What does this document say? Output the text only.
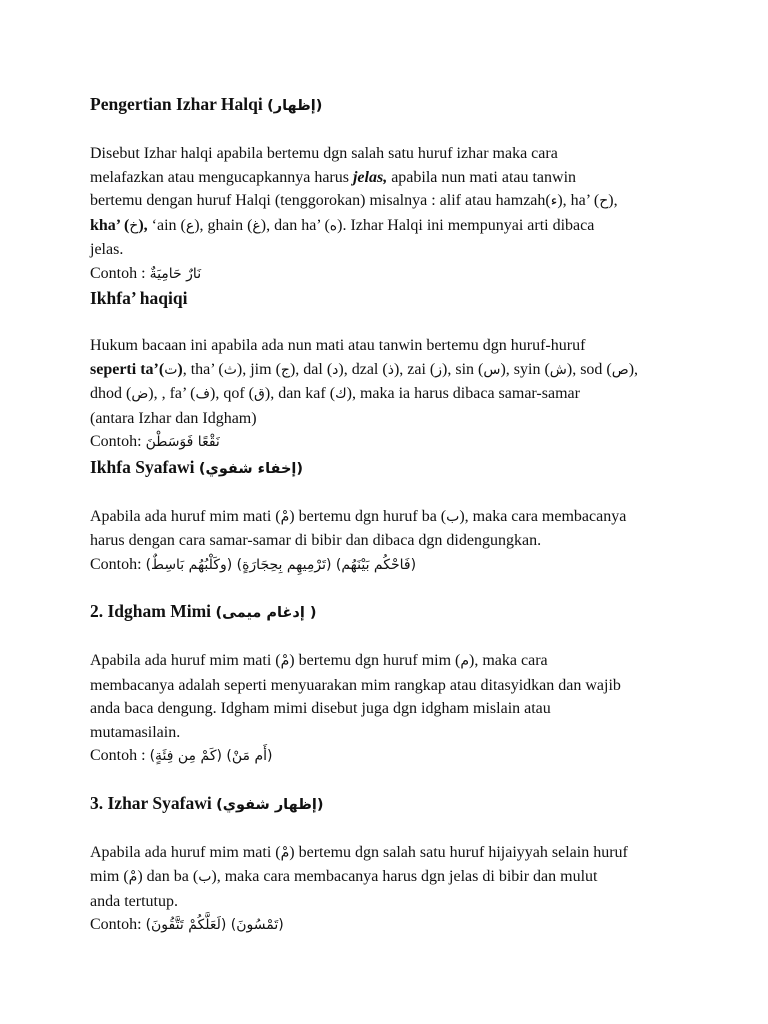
Pengertian Izhar Halqi (إظهار)

Disebut Izhar halqi apabila bertemu dgn salah satu huruf izhar maka cara
melafazkan atau mengucapkannya harus jelas, apabila nun mati atau tanwin
bertemu dengan huruf Halqi (tenggorokan) misalnya : alif atau hamzah(ء), ha’ (ح),
kha’ (خ), ‘ain (ع), ghain (غ), dan ha’ (ه). Izhar Halqi ini mempunyai arti dibaca
jelas.
Contoh : نَارٌ حَامِيَةٌ

Ikhfa’ haqiqi

Hukum bacaan ini apabila ada nun mati atau tanwin bertemu dgn huruf-huruf
seperti ta’(ت), tha’ (ث), jim (ج), dal (د), dzal (ذ), zai (ز), sin (س), syin (ش), sod (ص),
dhod (ض), , fa’ (ف), qof (ق), dan kaf (ك), maka ia harus dibaca samar-samar
(antara Izhar dan Idgham)
Contoh: نَقْعًا فَوَسَطْنَ

Ikhfa Syafawi (إخفاء شفوي)

Apabila ada huruf mim mati (مْ) bertemu dgn huruf ba (ب), maka cara membacanya
harus dengan cara samar-samar di bibir dan dibaca dgn didengungkan.
Contoh: (فَاحْكُم بَيْنَهُم) (تَرْمِيهِم بِحِجَارَةٍ) (وكَلْبُهُم بَاسِطٌ)

2. Idgham Mimi ( إدغام ميمى)

Apabila ada huruf mim mati (مْ) bertemu dgn huruf mim (م), maka cara
membacanya adalah seperti menyuarakan mim rangkap atau ditasyidkan dan wajib
anda baca dengung. Idgham mimi disebut juga dgn idgham mislain atau
mutamasilain.
Contoh : (أَم مَنْ) (كَمْ مِن فِئَةٍ)

3. Izhar Syafawi (إظهار شفوي)

Apabila ada huruf mim mati (مْ) bertemu dgn salah satu huruf hijaiyyah selain huruf
mim (مْ) dan ba (ب), maka cara membacanya harus dgn jelas di bibir dan mulut
anda tertutup.
Contoh: (تَمْسُونَ) (لَعَلَّكُمْ تَتَّقُونَ)
